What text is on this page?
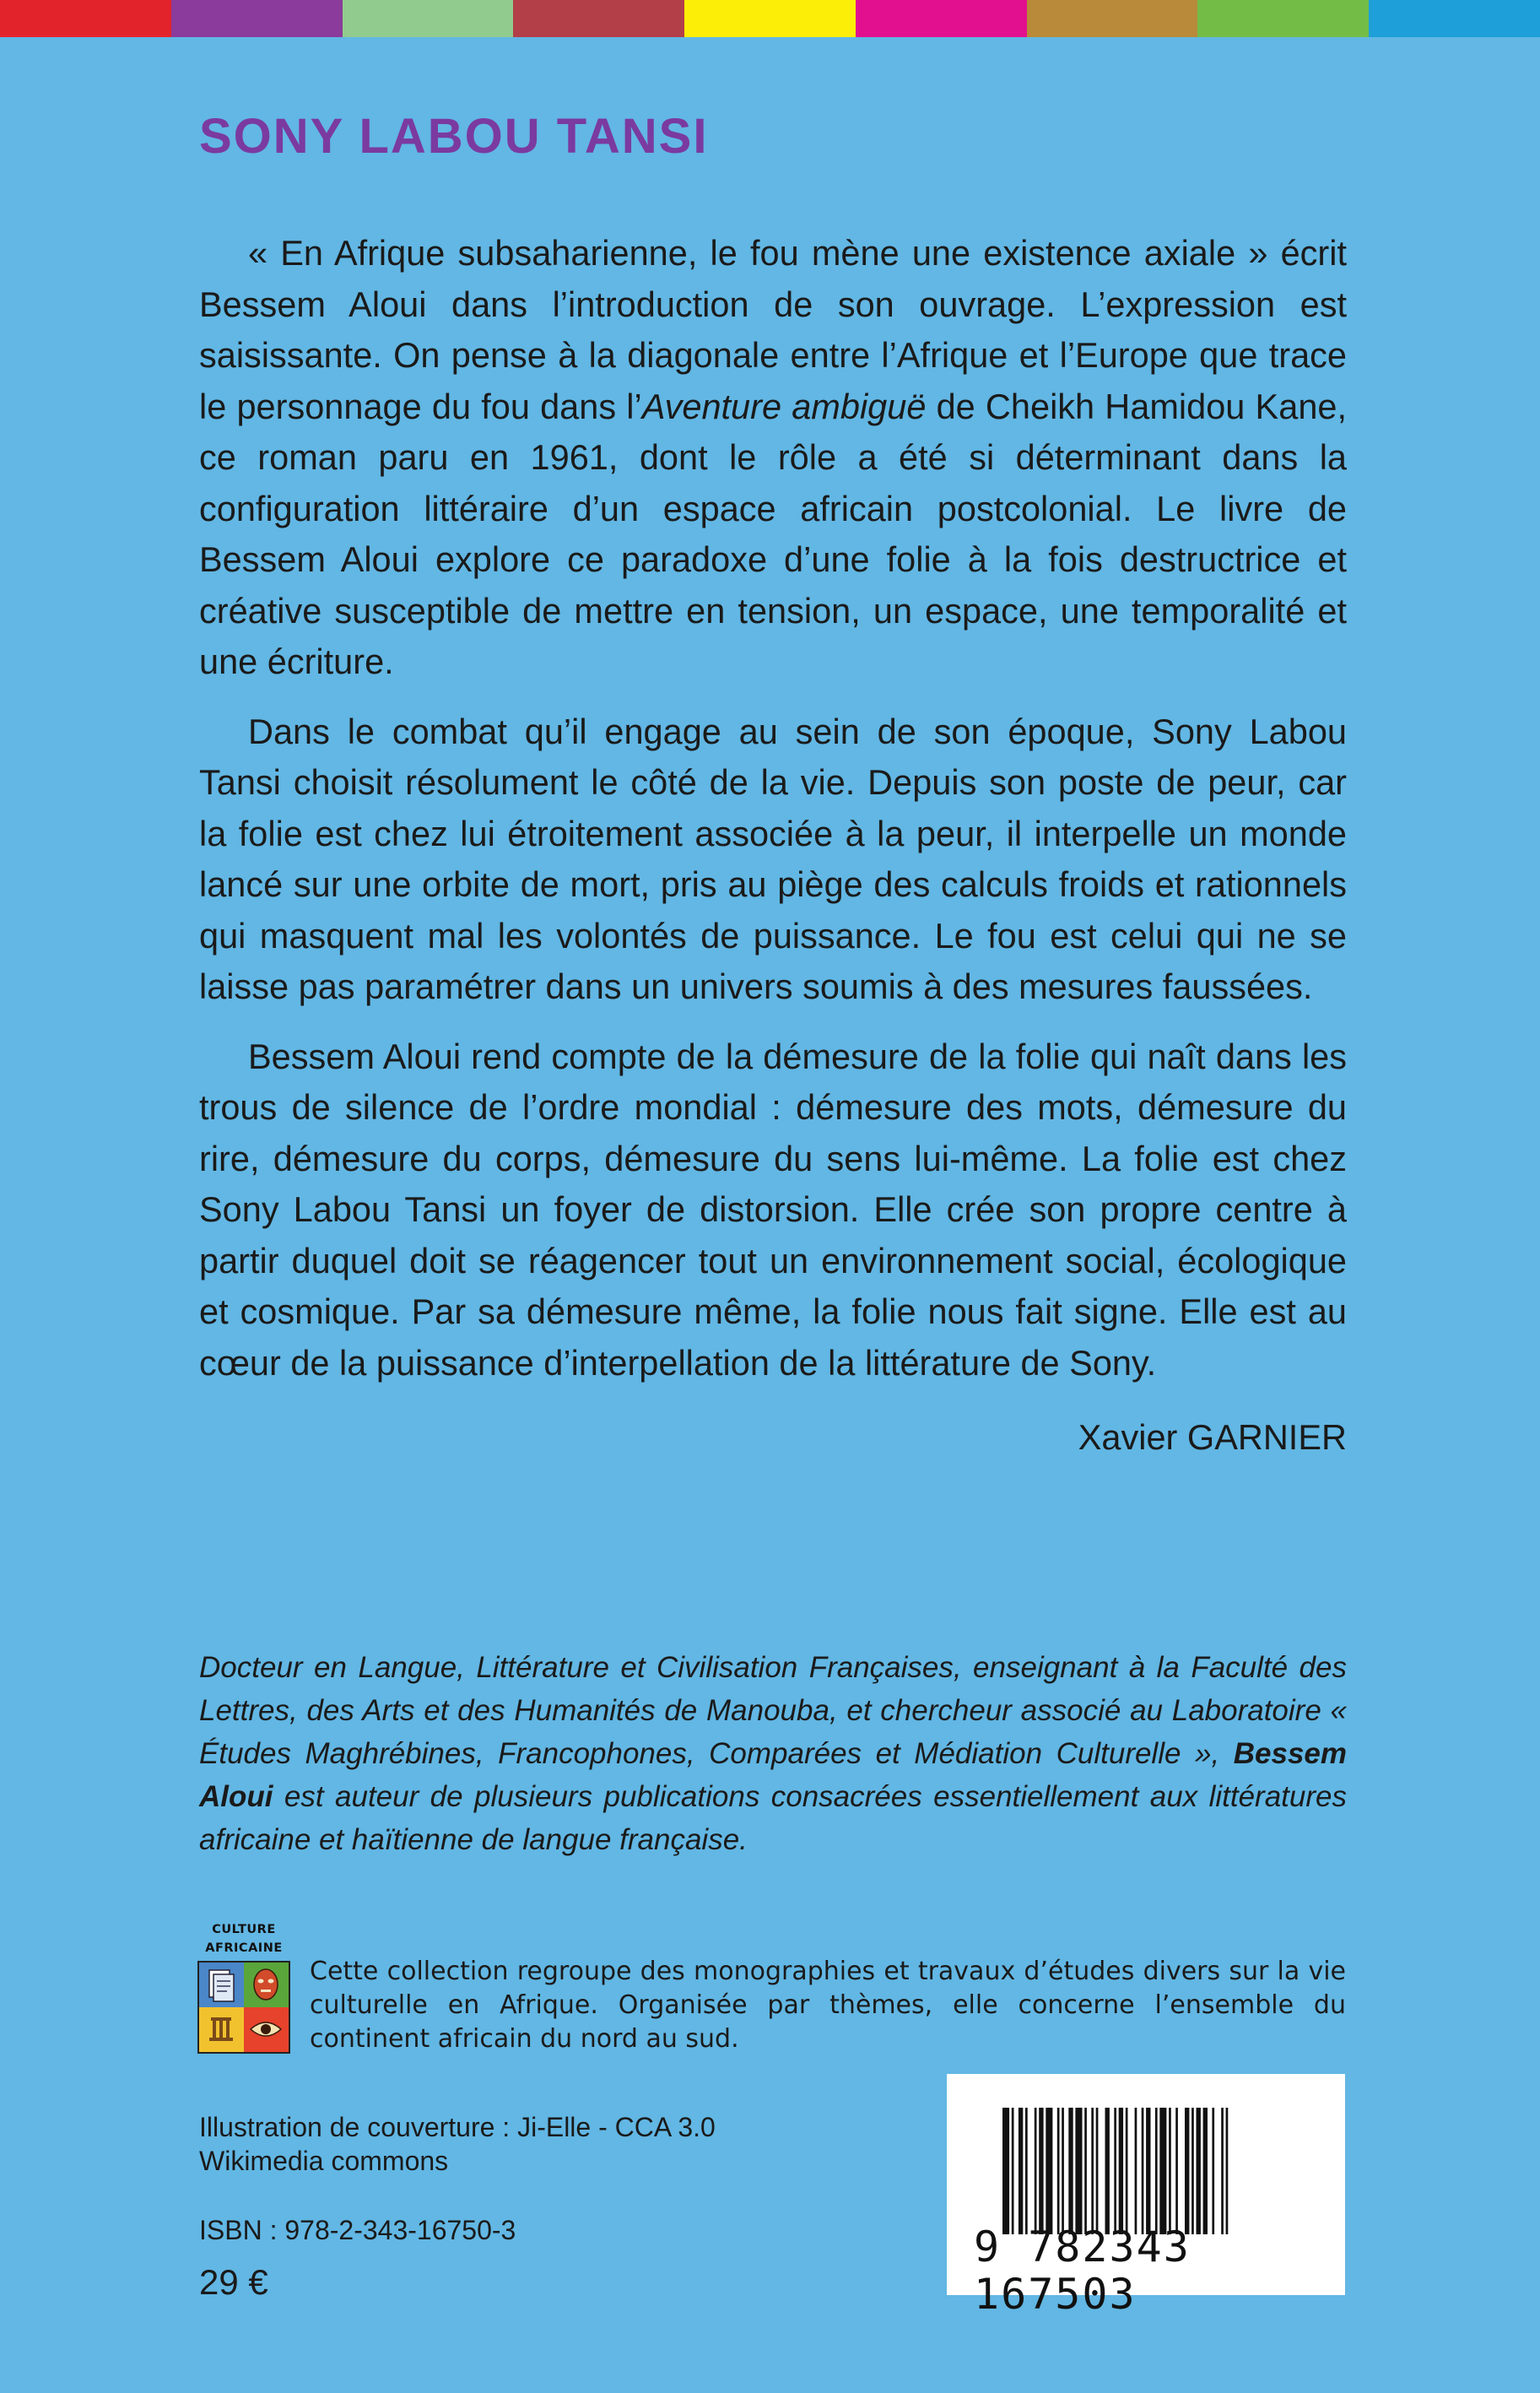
SONY LABOU TANSI

« En Afrique subsaharienne, le fou mène une existence axiale » écrit Bessem Aloui dans l’introduction de son ouvrage. L’expression est saisissante. On pense à la diagonale entre l’Afrique et l’Europe que trace le personnage du fou dans l’Aventure ambiguë de Cheikh Hamidou Kane, ce roman paru en 1961, dont le rôle a été si déterminant dans la configuration littéraire d’un espace africain postcolonial. Le livre de Bessem Aloui explore ce paradoxe d’une folie à la fois destructrice et créative susceptible de mettre en tension, un espace, une temporalité et une écriture.

Dans le combat qu’il engage au sein de son époque, Sony Labou Tansi choisit résolument le côté de la vie. Depuis son poste de peur, car la folie est chez lui étroitement associée à la peur, il interpelle un monde lancé sur une orbite de mort, pris au piège des calculs froids et rationnels qui masquent mal les volontés de puissance. Le fou est celui qui ne se laisse pas paramétrer dans un univers soumis à des mesures faussées.

Bessem Aloui rend compte de la démesure de la folie qui naît dans les trous de silence de l’ordre mondial : démesure des mots, démesure du rire, démesure du corps, démesure du sens lui-même. La folie est chez Sony Labou Tansi un foyer de distorsion. Elle crée son propre centre à partir duquel doit se réagencer tout un environnement social, écologique et cosmique. Par sa démesure même, la folie nous fait signe. Elle est au cœur de la puissance d’interpellation de la littérature de Sony.

Xavier GARNIER
Docteur en Langue, Littérature et Civilisation Françaises, enseignant à la Faculté des Lettres, des Arts et des Humanités de Manouba, et chercheur associé au Laboratoire « Études Maghrébines, Francophones, Comparées et Médiation Culturelle », Bessem Aloui est auteur de plusieurs publications consacrées essentiellement aux littératures africaine et haïtienne de langue française.
CULTURE
AFRICAINE
Cette collection regroupe des monographies et travaux d’études divers sur la vie culturelle en Afrique. Organisée par thèmes, elle concerne l’ensemble du continent africain du nord au sud.
Illustration de couverture : Ji-Elle - CCA 3.0
Wikimedia commons
ISBN : 978-2-343-16750-3
29 €
9 782343 167503
